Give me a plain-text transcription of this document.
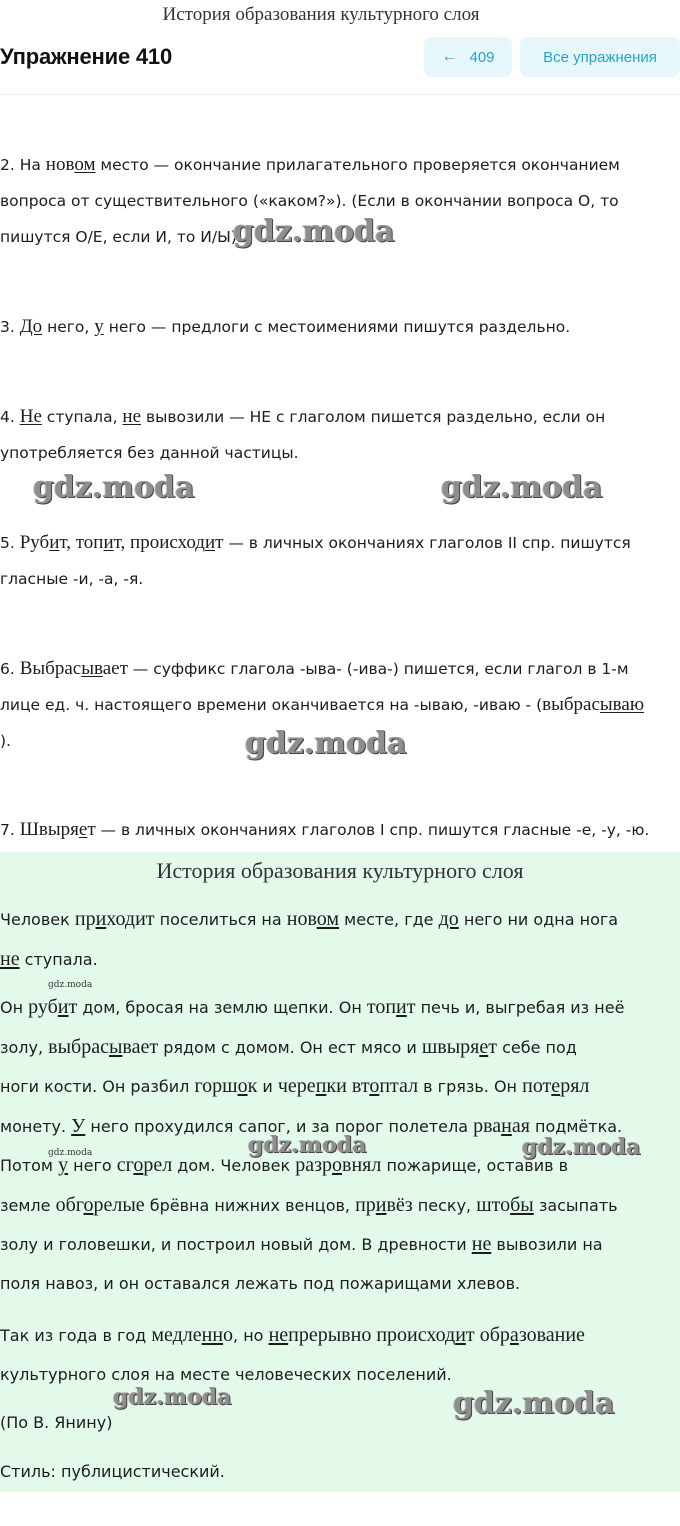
История образования культурного слоя
Упражнение 410	← 409	Все упражнения
2. На новом место — окончание прилагательного проверяется окончанием
вопроса от существительного («каком?»). (Если в окончании вопроса О, то
пишутся О/Е, если И, то И/Ы).
gdz.moda
3. До него, у него — предлоги с местоимениями пишутся раздельно.
4. Не ступала, не вывозили — НЕ с глаголом пишется раздельно, если он
употребляется без данной частицы.
gdz.moda	gdz.moda
5. Рубит, топит, происходит — в личных окончаниях глаголов II спр. пишутся
гласные -и, -а, -я.
6. Выбрасывает — суффикс глагола -ыва- (-ива-) пишется, если глагол в 1-м
лице ед. ч. настоящего времени оканчивается на -ываю, -иваю - (выбрасываю
).	gdz.moda
7. Швыряет — в личных окончаниях глаголов I спр. пишутся гласные -е, -у, -ю.
История образования культурного слоя
Человек приходит поселиться на новом месте, где до него ни одна нога
не ступала.
gdz.moda
Он рубит дом, бросая на землю щепки. Он топит печь и, выгребая из неё
золу, выбрасывает рядом с домом. Он ест мясо и швыряет себе под
ноги кости. Он разбил горшок и черепки втоптал в грязь. Он потерял
монету. У него прохудился сапог, и за порог полетела рваная подмётка.
Потом у него сгорел дом. Человек разровнял пожарище, оставив в
земле обгорелые брёвна нижних венцов, привёз песку, штобы засыпать
золу и головешки, и построил новый дом. В древности не вывозили на
поля навоз, и он оставался лежать под пожарищами хлевов.
gdz.moda	gdz.moda	gdz.moda
Так из года в год медленно, но непрерывно происходит образование
культурного слоя на месте человеческих поселений.
gdz.moda	gdz.moda
(По В. Янину)
Стиль: публицистический.
